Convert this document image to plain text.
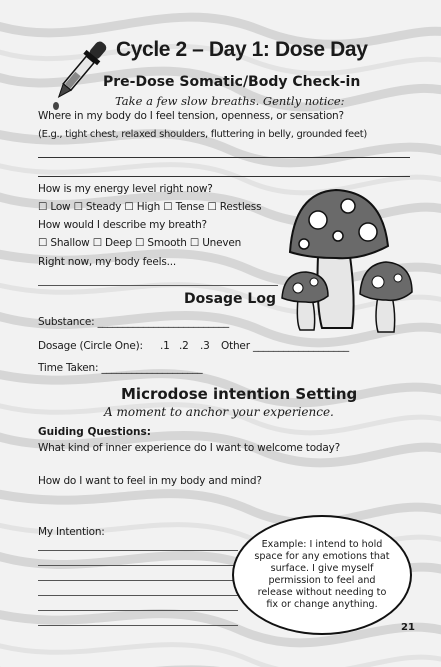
Cycle 2 – Day 1: Dose Day
Pre-Dose Somatic/Body Check-in
Take a few slow breaths. Gently notice:
Where in my body do I feel tension, openness, or sensation?
(E.g., tight chest, relaxed shoulders, fluttering in belly, grounded feet)
How is my energy level right now?
☐ Low ☐ Steady ☐ High ☐ Tense ☐ Restless
How would I describe my breath?
☐ Shallow ☐ Deep ☐ Smooth ☐ Uneven
Right now, my body feels...
Dosage Log
Substance: __________________________
Dosage (Circle One): .1 .2 .3 Other ___________________
Time Taken: ____________________
Microdose intention Setting
A moment to anchor your experience.
Guiding Questions:
What kind of inner experience do I want to welcome today?
How do I want to feel in my body and mind?
My Intention:
Example: I intend to hold space for any emotions that surface. I give myself permission to feel and release without needing to fix or change anything.
21
